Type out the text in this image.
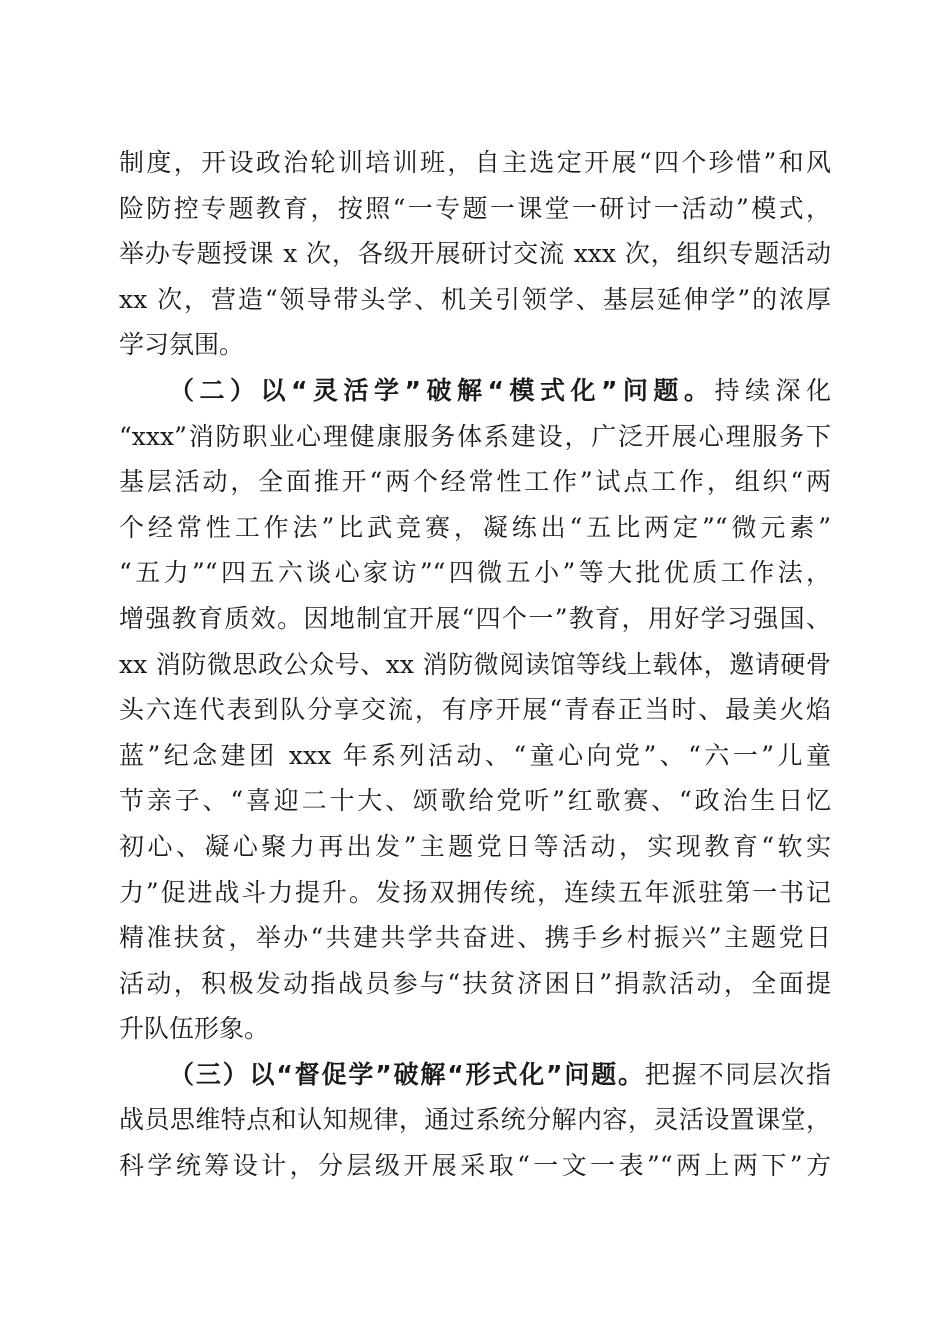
制度，开设政治轮训培训班，自主选定开展“四个珍惜”和风
险防控专题教育，按照“一专题一课堂一研讨一活动”模式，
举办专题授课 x 次，各级开展研讨交流 xxx 次，组织专题活动
xx 次，营造“领导带头学、机关引领学、基层延伸学”的浓厚
学习氛围。
（二）以“灵活学”破解“模式化”问题。持续深化
“xxx”消防职业心理健康服务体系建设，广泛开展心理服务下
基层活动，全面推开“两个经常性工作”试点工作，组织“两
个经常性工作法”比武竞赛，凝练出“五比两定”“微元素”
“五力”“四五六谈心家访”“四微五小”等大批优质工作法，
增强教育质效。因地制宜开展“四个一”教育，用好学习强国、
xx 消防微思政公众号、xx 消防微阅读馆等线上载体，邀请硬骨
头六连代表到队分享交流，有序开展“青春正当时、最美火焰
蓝”纪念建团 xxx 年系列活动、“童心向党”、“六一”儿童
节亲子、“喜迎二十大、颂歌给党听”红歌赛、“政治生日忆
初心、凝心聚力再出发”主题党日等活动，实现教育“软实
力”促进战斗力提升。发扬双拥传统，连续五年派驻第一书记
精准扶贫，举办“共建共学共奋进、携手乡村振兴”主题党日
活动，积极发动指战员参与“扶贫济困日”捐款活动，全面提
升队伍形象。
（三）以“督促学”破解“形式化”问题。把握不同层次指
战员思维特点和认知规律，通过系统分解内容，灵活设置课堂，
科学统筹设计，分层级开展采取“一文一表”“两上两下”方
